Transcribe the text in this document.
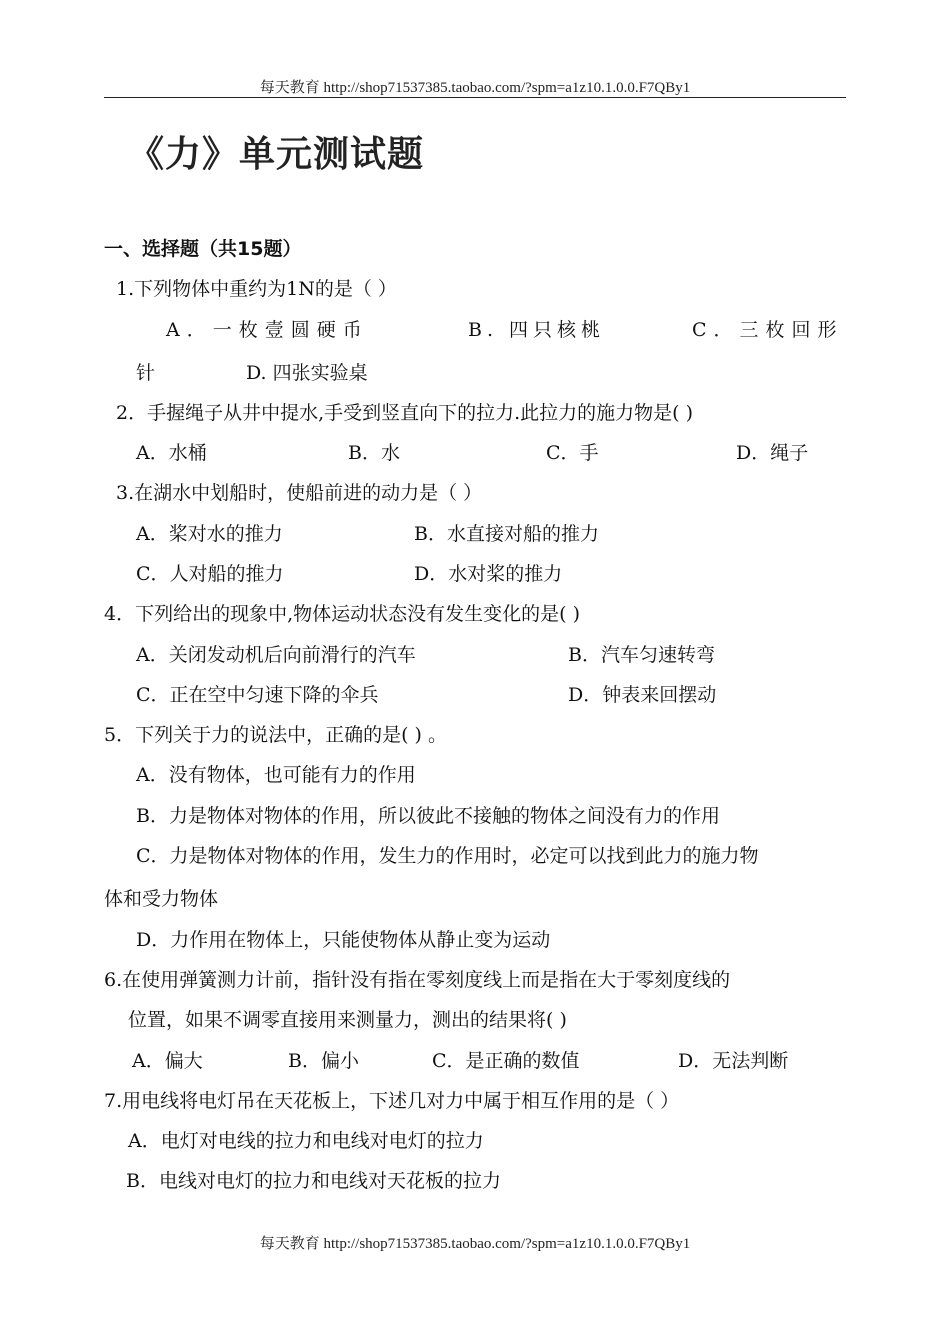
每天教育 http://shop71537385.taobao.com/?spm=a1z10.1.0.0.F7QBy1
《力》单元测试题
一、选择题（共15题）
1.下列物体中重约为1N的是（ ）
A．一枚壹圆硬币	B. 四只核桃	C．三枚回形
针	D. 四张实验桌
2．手握绳子从井中提水,手受到竖直向下的拉力.此拉力的施力物是( )
A．水桶	B．水	C．手	D．绳子
3.在湖水中划船时，使船前进的动力是（ ）
A．桨对水的推力	B．水直接对船的推力
C．人对船的推力	D．水对桨的推力
4．下列给出的现象中,物体运动状态没有发生变化的是( )
A．关闭发动机后向前滑行的汽车	B．汽车匀速转弯
C．正在空中匀速下降的伞兵	D．钟表来回摆动
5．下列关于力的说法中，正确的是( ) 。
A．没有物体，也可能有力的作用
B．力是物体对物体的作用，所以彼此不接触的物体之间没有力的作用
C．力是物体对物体的作用，发生力的作用时，必定可以找到此力的施力物
体和受力物体
D．力作用在物体上，只能使物体从静止变为运动
6.在使用弹簧测力计前，指针没有指在零刻度线上而是指在大于零刻度线的
位置，如果不调零直接用来测量力，测出的结果将( )
A．偏大	B．偏小	C．是正确的数值	D．无法判断
7.用电线将电灯吊在天花板上，下述几对力中属于相互作用的是（ ）
A．电灯对电线的拉力和电线对电灯的拉力
B．电线对电灯的拉力和电线对天花板的拉力
每天教育 http://shop71537385.taobao.com/?spm=a1z10.1.0.0.F7QBy1
